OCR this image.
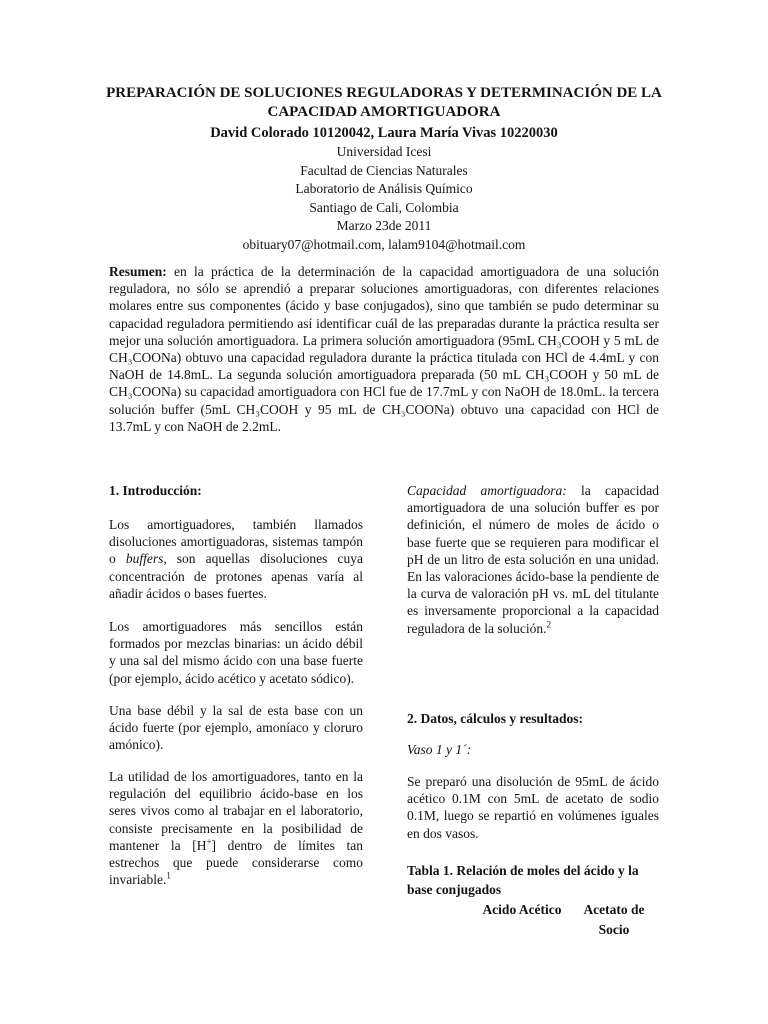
PREPARACIÓN DE SOLUCIONES REGULADORAS Y DETERMINACIÓN DE LA CAPACIDAD AMORTIGUADORA
David Colorado 10120042, Laura María Vivas 10220030
Universidad Icesi
Facultad de Ciencias Naturales
Laboratorio de Análisis Químico
Santiago de Cali, Colombia
Marzo 23de 2011
obituary07@hotmail.com, lalam9104@hotmail.com

Resumen: en la práctica de la determinación de la capacidad amortiguadora de una solución reguladora, no sólo se aprendió a preparar soluciones amortiguadoras, con diferentes relaciones molares entre sus componentes (ácido y base conjugados), sino que también se pudo determinar su capacidad reguladora permitiendo así identificar cuál de las preparadas durante la práctica resulta ser mejor una solución amortiguadora. La primera solución amortiguadora (95mL CH₃COOH y 5 mL de CH₃COONa) obtuvo una capacidad reguladora durante la práctica titulada con HCl de 4.4mL y con NaOH de 14.8mL. La segunda solución amortiguadora preparada (50 mL CH₃COOH y 50 mL de CH₃COONa) su capacidad amortiguadora con HCl fue de 17.7mL y con NaOH de 18.0mL. la tercera solución buffer (5mL CH₃COOH y 95 mL de CH₃COONa) obtuvo una capacidad con HCl de 13.7mL y con NaOH de 2.2mL.

1. Introducción:

Los amortiguadores, también llamados disoluciones amortiguadoras, sistemas tampón o buffers, son aquellas disoluciones cuya concentración de protones apenas varía al añadir ácidos o bases fuertes.

Los amortiguadores más sencillos están formados por mezclas binarias: un ácido débil y una sal del mismo ácido con una base fuerte (por ejemplo, ácido acético y acetato sódico).

Una base débil y la sal de esta base con un ácido fuerte (por ejemplo, amoníaco y cloruro amónico).

La utilidad de los amortiguadores, tanto en la regulación del equilibrio ácido-base en los seres vivos como al trabajar en el laboratorio, consiste precisamente en la posibilidad de mantener la [H+] dentro de límites tan estrechos que puede considerarse como invariable.$^1$

Capacidad amortiguadora: la capacidad amortiguadora de una solución buffer es por definición, el número de moles de ácido o base fuerte que se requieren para modificar el pH de un litro de esta solución en una unidad. En las valoraciones ácido-base la pendiente de la curva de valoración pH vs. mL del titulante es inversamente proporcional a la capacidad reguladora de la solución.$^2$

2. Datos, cálculos y resultados:

Vaso 1 y 1´:

Se preparó una disolución de 95mL de ácido acético 0.1M con 5mL de acetato de sodio 0.1M, luego se repartió en volúmenes iguales en dos vasos.

Tabla 1. Relación de moles del ácido y la base conjugados

Acido Acético	Acetato de Socio
